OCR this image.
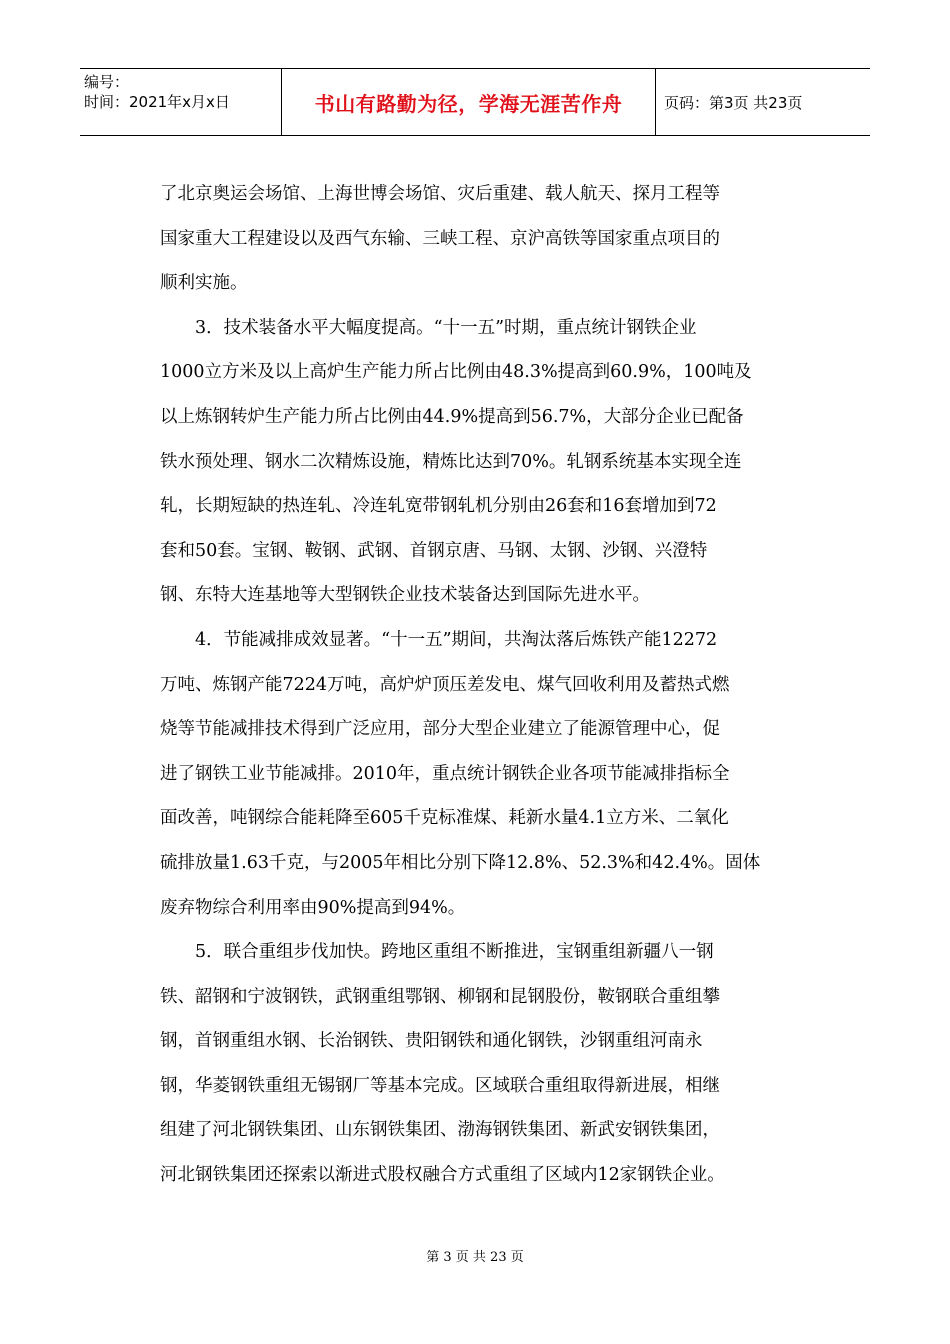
编号：
时间：2021年x月x日	书山有路勤为径，学海无涯苦作舟	页码：第3页 共23页
了北京奥运会场馆、上海世博会场馆、灾后重建、载人航天、探月工程等
国家重大工程建设以及西气东输、三峡工程、京沪高铁等国家重点项目的
顺利实施。
　　3．技术装备水平大幅度提高。“十一五”时期，重点统计钢铁企业
1000立方米及以上高炉生产能力所占比例由48.3%提高到60.9%，100吨及
以上炼钢转炉生产能力所占比例由44.9%提高到56.7%，大部分企业已配备
铁水预处理、钢水二次精炼设施，精炼比达到70%。轧钢系统基本实现全连
轧，长期短缺的热连轧、冷连轧宽带钢轧机分别由26套和16套增加到72
套和50套。宝钢、鞍钢、武钢、首钢京唐、马钢、太钢、沙钢、兴澄特
钢、东特大连基地等大型钢铁企业技术装备达到国际先进水平。
　　4．节能减排成效显著。“十一五”期间，共淘汰落后炼铁产能12272
万吨、炼钢产能7224万吨，高炉炉顶压差发电、煤气回收利用及蓄热式燃
烧等节能减排技术得到广泛应用，部分大型企业建立了能源管理中心，促
进了钢铁工业节能减排。2010年，重点统计钢铁企业各项节能减排指标全
面改善，吨钢综合能耗降至605千克标准煤、耗新水量4.1立方米、二氧化
硫排放量1.63千克，与2005年相比分别下降12.8%、52.3%和42.4%。固体
废弃物综合利用率由90%提高到94%。
　　5．联合重组步伐加快。跨地区重组不断推进，宝钢重组新疆八一钢
铁、韶钢和宁波钢铁，武钢重组鄂钢、柳钢和昆钢股份，鞍钢联合重组攀
钢，首钢重组水钢、长治钢铁、贵阳钢铁和通化钢铁，沙钢重组河南永
钢，华菱钢铁重组无锡钢厂等基本完成。区域联合重组取得新进展，相继
组建了河北钢铁集团、山东钢铁集团、渤海钢铁集团、新武安钢铁集团，
河北钢铁集团还探索以渐进式股权融合方式重组了区域内12家钢铁企业。
第 3 页 共 23 页
